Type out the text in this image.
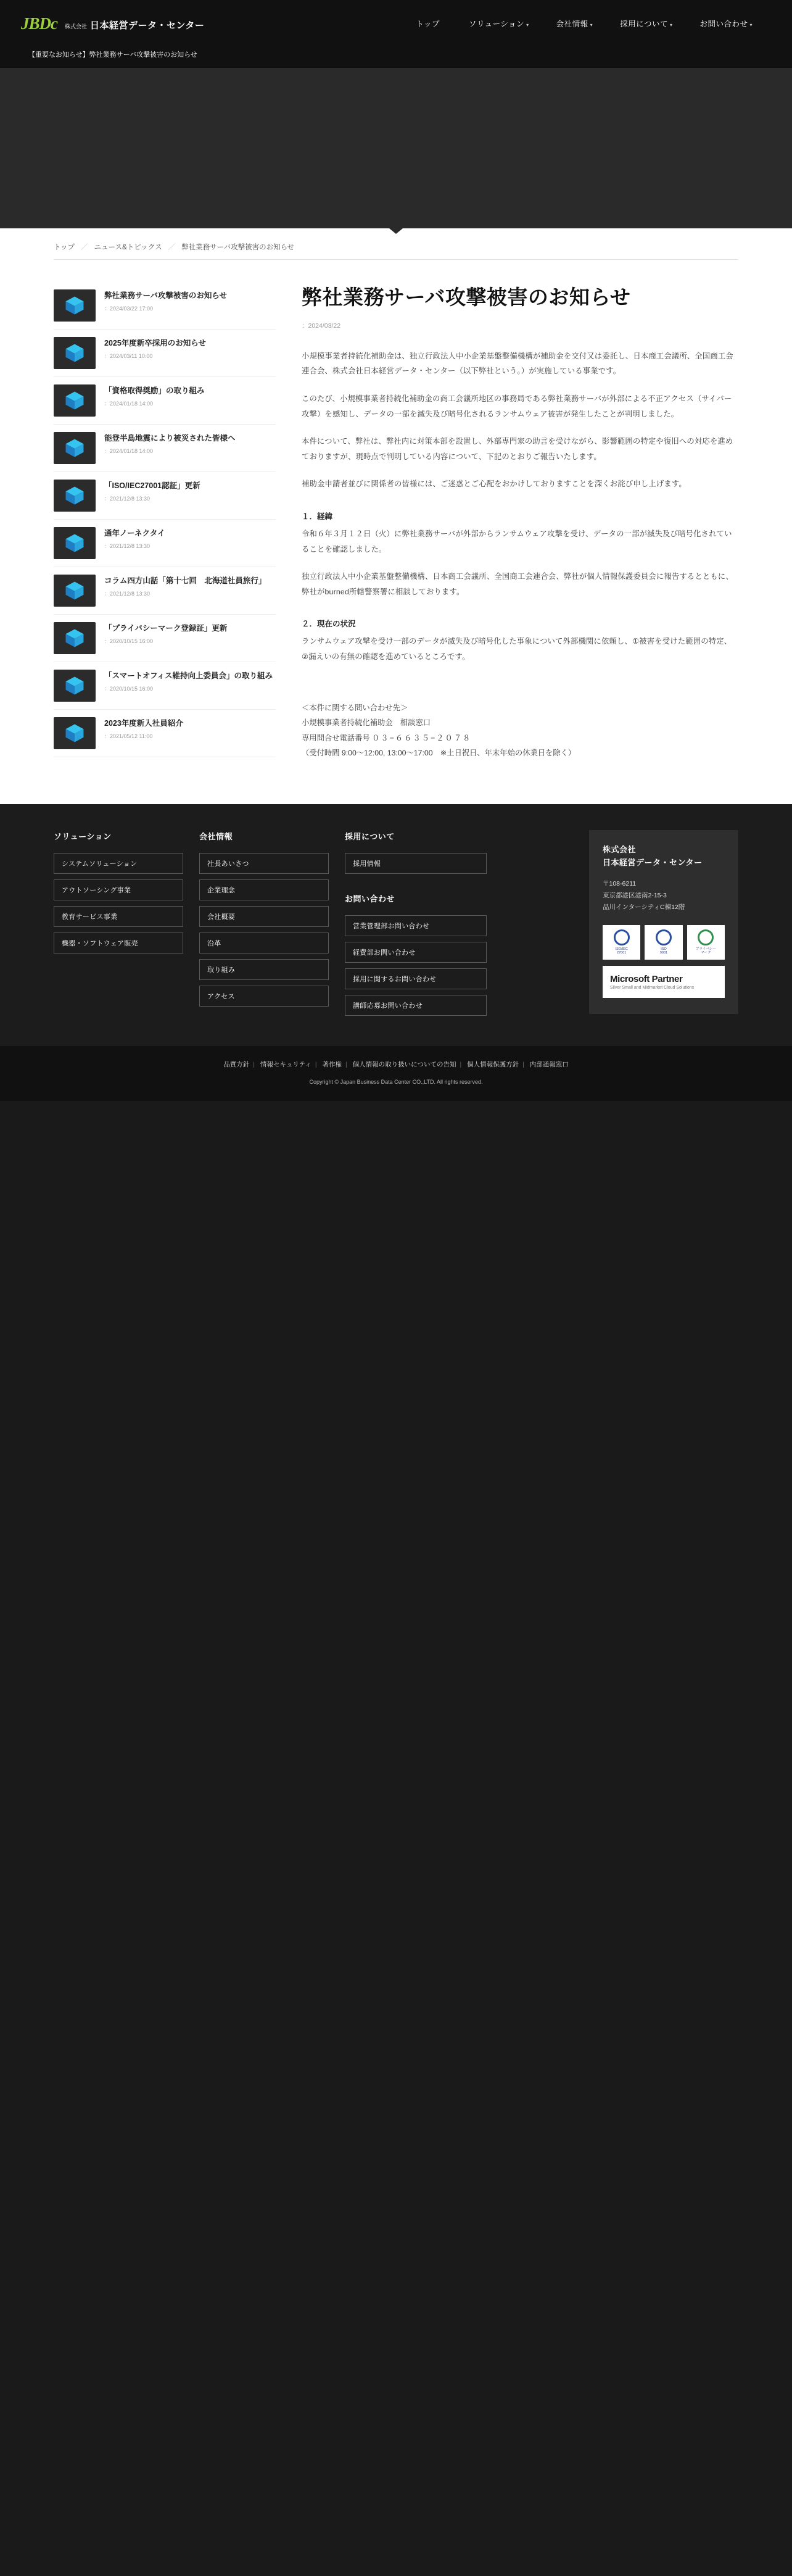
JBDc 株式会社 日本経営データ・センター	トップ	ソリューション ▾	会社情報 ▾	採用について ▾	お問い合わせ ▾
【重要なお知らせ】弊社業務サーバ攻撃被害のお知らせ
トップ ／ ニュース&トピックス ／ 弊社業務サーバ攻撃被害のお知らせ
弊社業務サーバ攻撃被害のお知らせ
：2024/03/22 17:00
2025年度新卒採用のお知らせ
：2024/03/11 10:00
「資格取得奨励」の取り組み
：2024/01/18 14:00
能登半島地震により被災された皆様へ
：2024/01/18 14:00
「ISO/IEC27001認証」更新
：2021/12/8 13:30
通年ノーネクタイ
：2021/12/8 13:30
コラム四方山話「第十七回　北海道社員旅行」
：2021/12/8 13:30
「プライバシーマーク登録証」更新
：2020/10/15 16:00
「スマートオフィス維持向上委員会」の取り組み
：2020/10/15 16:00
2023年度新入社員紹介
：2021/05/12 11:00
弊社業務サーバ攻撃被害のお知らせ
：2024/03/22

小規模事業者持続化補助金は、独立行政法人中小企業基盤整備機構が補助金を交付又は委託し、日本商工会議所、全国商工会連合会、株式会社日本経営データ・センター（以下弊社という。）が実施している事業です。

このたび、小規模事業者持続化補助金の商工会議所地区の事務局である弊社業務サーバが外部による不正アクセス（サイバー攻撃）を感知し、データの一部を滅失及び暗号化されるランサムウェア被害が発生したことが判明しました。

本件について、弊社は、弊社内に対策本部を設置し、外部専門家の助言を受けながら、影響範囲の特定や復旧への対応を進めておりますが、現時点で判明している内容について、下記のとおりご報告いたします。

補助金申請者並びに関係者の皆様には、ご迷惑とご心配をおかけしておりますことを深くお詫び申し上げます。

１．経緯

令和６年３月１２日（火）に弊社業務サーバが外部からランサムウェア攻撃を受け、データの一部が滅失及び暗号化されていることを確認しました。

独立行政法人中小企業基盤整備機構、日本商工会議所、全国商工会連合会、弊社が個人情報保護委員会に報告するとともに、弊社がburned所轄警察署に相談しております。

２．現在の状況

ランサムウェア攻撃を受け一部のデータが滅失及び暗号化した事象について外部機関に依頼し、①被害を受けた範囲の特定、②漏えいの有無の確認を進めているところです。

＜本件に関する問い合わせ先＞
小規模事業者持続化補助金　相談窓口
専用問合せ電話番号 ０３−６６３５−２０７８
（受付時間 9:00〜12:00, 13:00〜17:00　※土日祝日、年末年始の休業日を除く）
ソリューション
システムソリューション
アウトソーシング事業
教育サービス事業
機器・ソフトウェア販売
会社情報
社長あいさつ
企業理念
会社概要
沿革
取り組み
アクセス
採用について
採用情報
お問い合わせ
営業管理部お問い合わせ
経費部お問い合わせ
採用に関するお問い合わせ
講師応募お問い合わせ
株式会社
日本経営データ・センター
〒108-6211
東京都港区港南2-15-3
品川インターシティC棟12階
ISO/IEC
27001
ISO
9001
プライバシー
マーク
Microsoft Partner
Silver Small and Midmarket Cloud Solutions
品質方針 | 情報セキュリティ | 著作権 | 個人情報の取り扱いについての告知 | 個人情報保護方針 | 内部通報窓口
Copyright © Japan Business Data Center CO.,LTD. All rights reserved.
